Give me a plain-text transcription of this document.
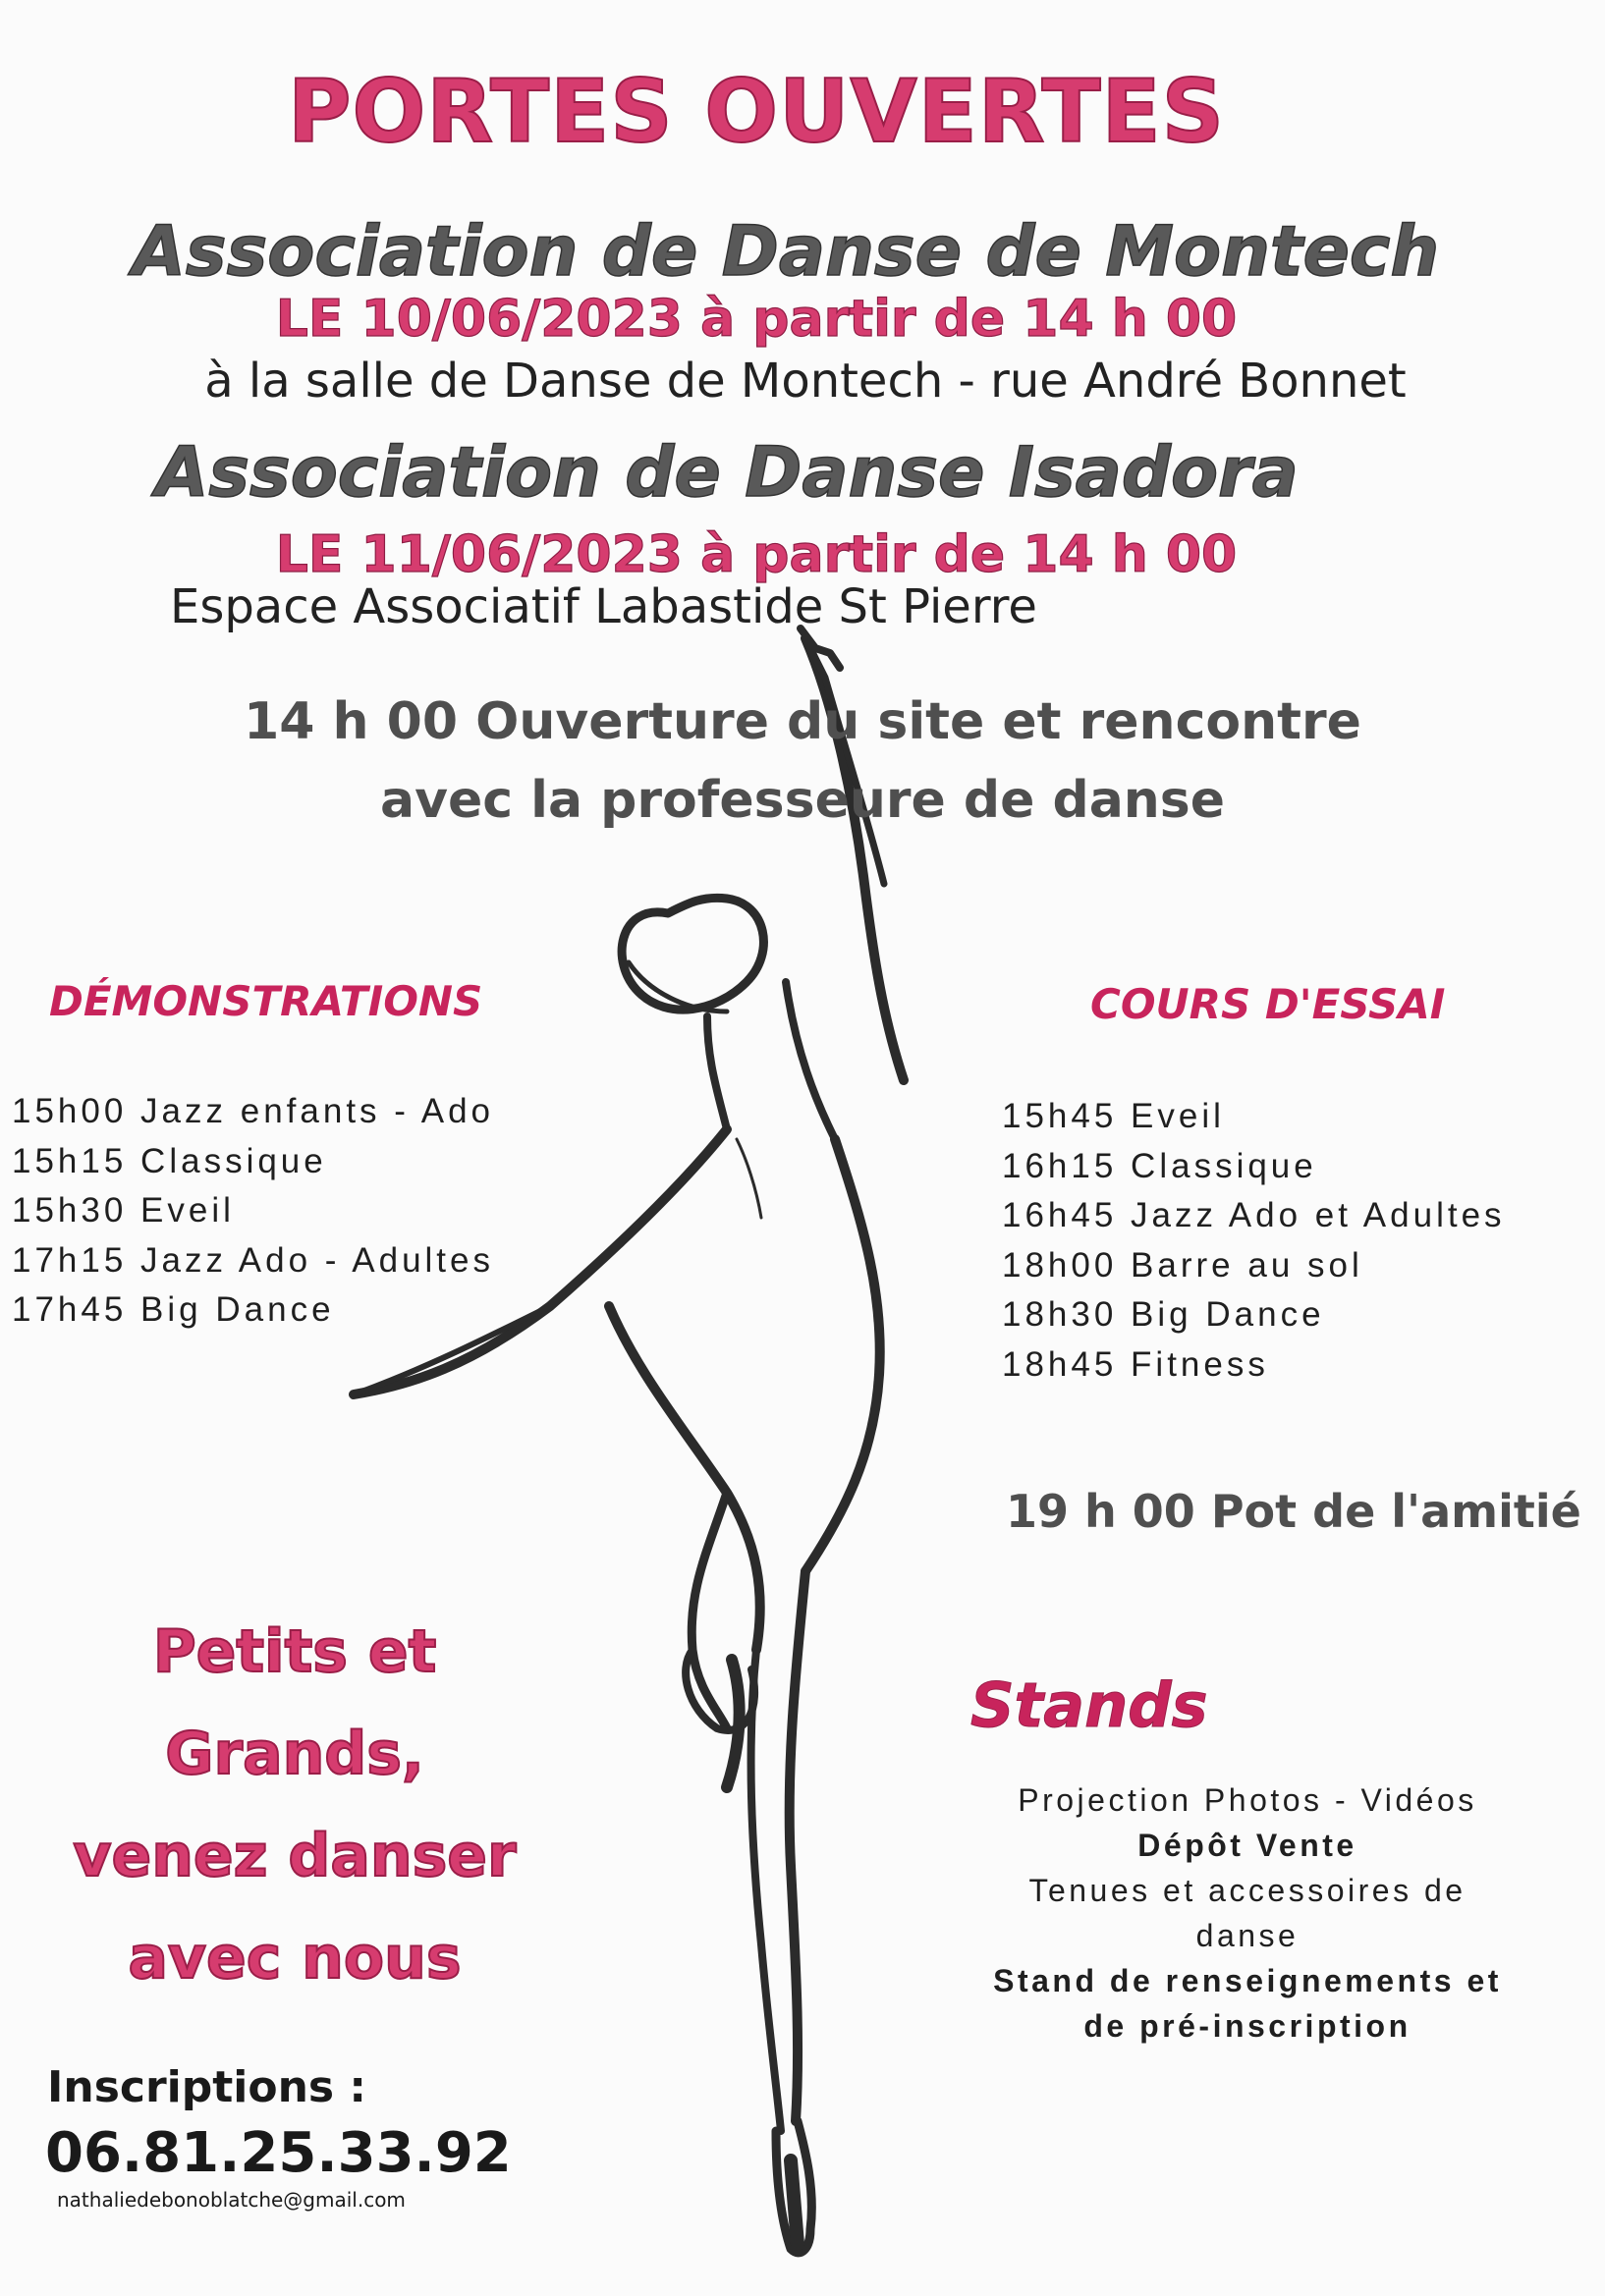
PORTES OUVERTES
Association de Danse de Montech
LE 10/06/2023 à partir de 14 h 00
à la salle de Danse de Montech - rue André Bonnet
Association de Danse Isadora
LE 11/06/2023 à partir de 14 h 00
Espace Associatif Labastide St Pierre
14 h 00 Ouverture du site et rencontre
avec la professeure de danse
DÉMONSTRATIONS
15h00 Jazz enfants - Ado
15h15 Classique
15h30 Eveil
17h15 Jazz Ado - Adultes
17h45 Big Dance
COURS D'ESSAI
15h45 Eveil
16h15 Classique
16h45 Jazz Ado et Adultes
18h00 Barre au sol
18h30 Big Dance
18h45 Fitness
19 h 00 Pot de l'amitié
Petits et
Grands,
venez danser
avec nous
Stands
Projection Photos - Vidéos
Dépôt Vente
Tenues et accessoires de
danse
Stand de renseignements et
de pré-inscription
Inscriptions :
06.81.25.33.92
nathaliedebonoblatche@gmail.com
